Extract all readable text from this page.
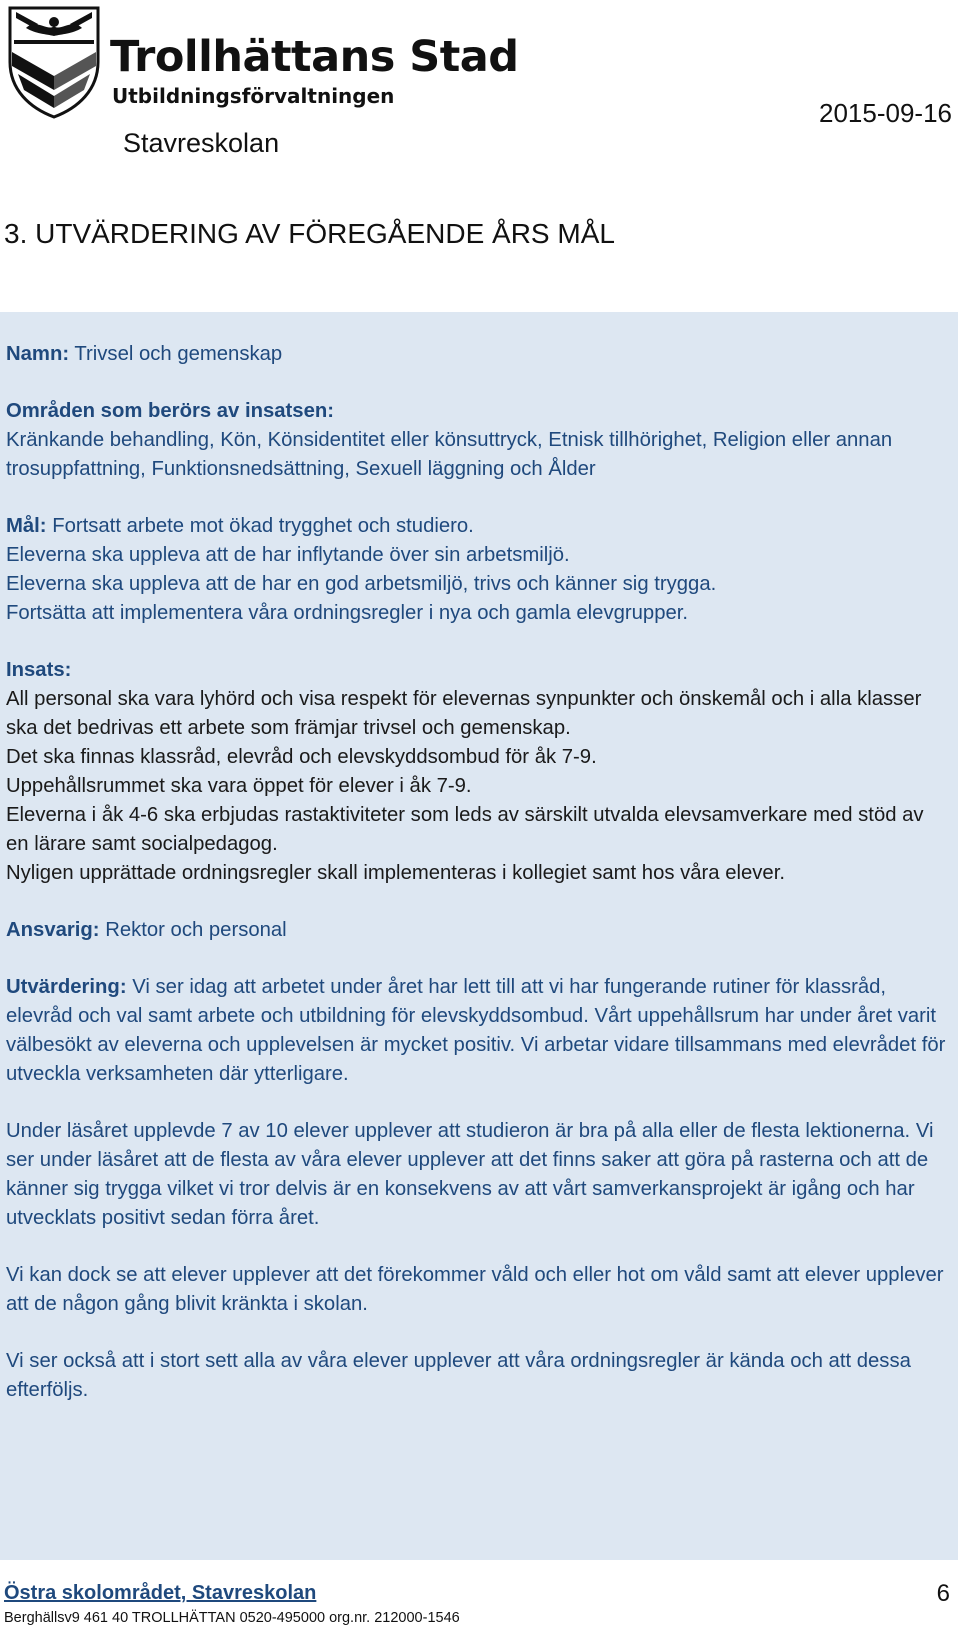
Trollhättans Stad
Utbildningsförvaltningen
Stavreskolan
2015-09-16
3. UTVÄRDERING AV FÖREGÅENDE ÅRS MÅL

Namn: Trivsel och gemenskap

Områden som berörs av insatsen:

Kränkande behandling, Kön, Könsidentitet eller könsuttryck, Etnisk tillhörighet, Religion eller annan trosuppfattning, Funktionsnedsättning, Sexuell läggning och Ålder

Mål: Fortsatt arbete mot ökad trygghet och studiero.

Eleverna ska uppleva att de har inflytande över sin arbetsmiljö.

Eleverna ska uppleva att de har en god arbetsmiljö, trivs och känner sig trygga.

Fortsätta att implementera våra ordningsregler i nya och gamla elevgrupper.

Insats:

All personal ska vara lyhörd och visa respekt för elevernas synpunkter och önskemål och i alla klasser ska det bedrivas ett arbete som främjar trivsel och gemenskap.

Det ska finnas klassråd, elevråd och elevskyddsombud för åk 7-9.

Uppehållsrummet ska vara öppet för elever i åk 7-9.

Eleverna i åk 4-6 ska erbjudas rastaktiviteter som leds av särskilt utvalda elevsamverkare med stöd av en lärare samt socialpedagog.

Nyligen upprättade ordningsregler skall implementeras i kollegiet samt hos våra elever.

Ansvarig: Rektor och personal

Utvärdering: Vi ser idag att arbetet under året har lett till att vi har fungerande rutiner för klassråd, elevråd och val samt arbete och utbildning för elevskyddsombud. Vårt uppehållsrum har under året varit välbesökt av eleverna och upplevelsen är mycket positiv. Vi arbetar vidare tillsammans med elevrådet för utveckla verksamheten där ytterligare.

Under läsåret upplevde 7 av 10 elever upplever att studieron är bra på alla eller de flesta lektionerna. Vi ser under läsåret att de flesta av våra elever upplever att det finns saker att göra på rasterna och att de känner sig trygga vilket vi tror delvis är en konsekvens av att vårt samverkansprojekt är igång och har utvecklats positivt sedan förra året.

Vi kan dock se att elever upplever att det förekommer våld och eller hot om våld samt att elever upplever att de någon gång blivit kränkta i skolan.

Vi ser också att i stort sett alla av våra elever upplever att våra ordningsregler är kända och att dessa efterföljs.

Östra skolområdet, Stavreskolan	6
Berghällsv9 461 40 TROLLHÄTTAN 0520-495000 org.nr. 212000-1546
